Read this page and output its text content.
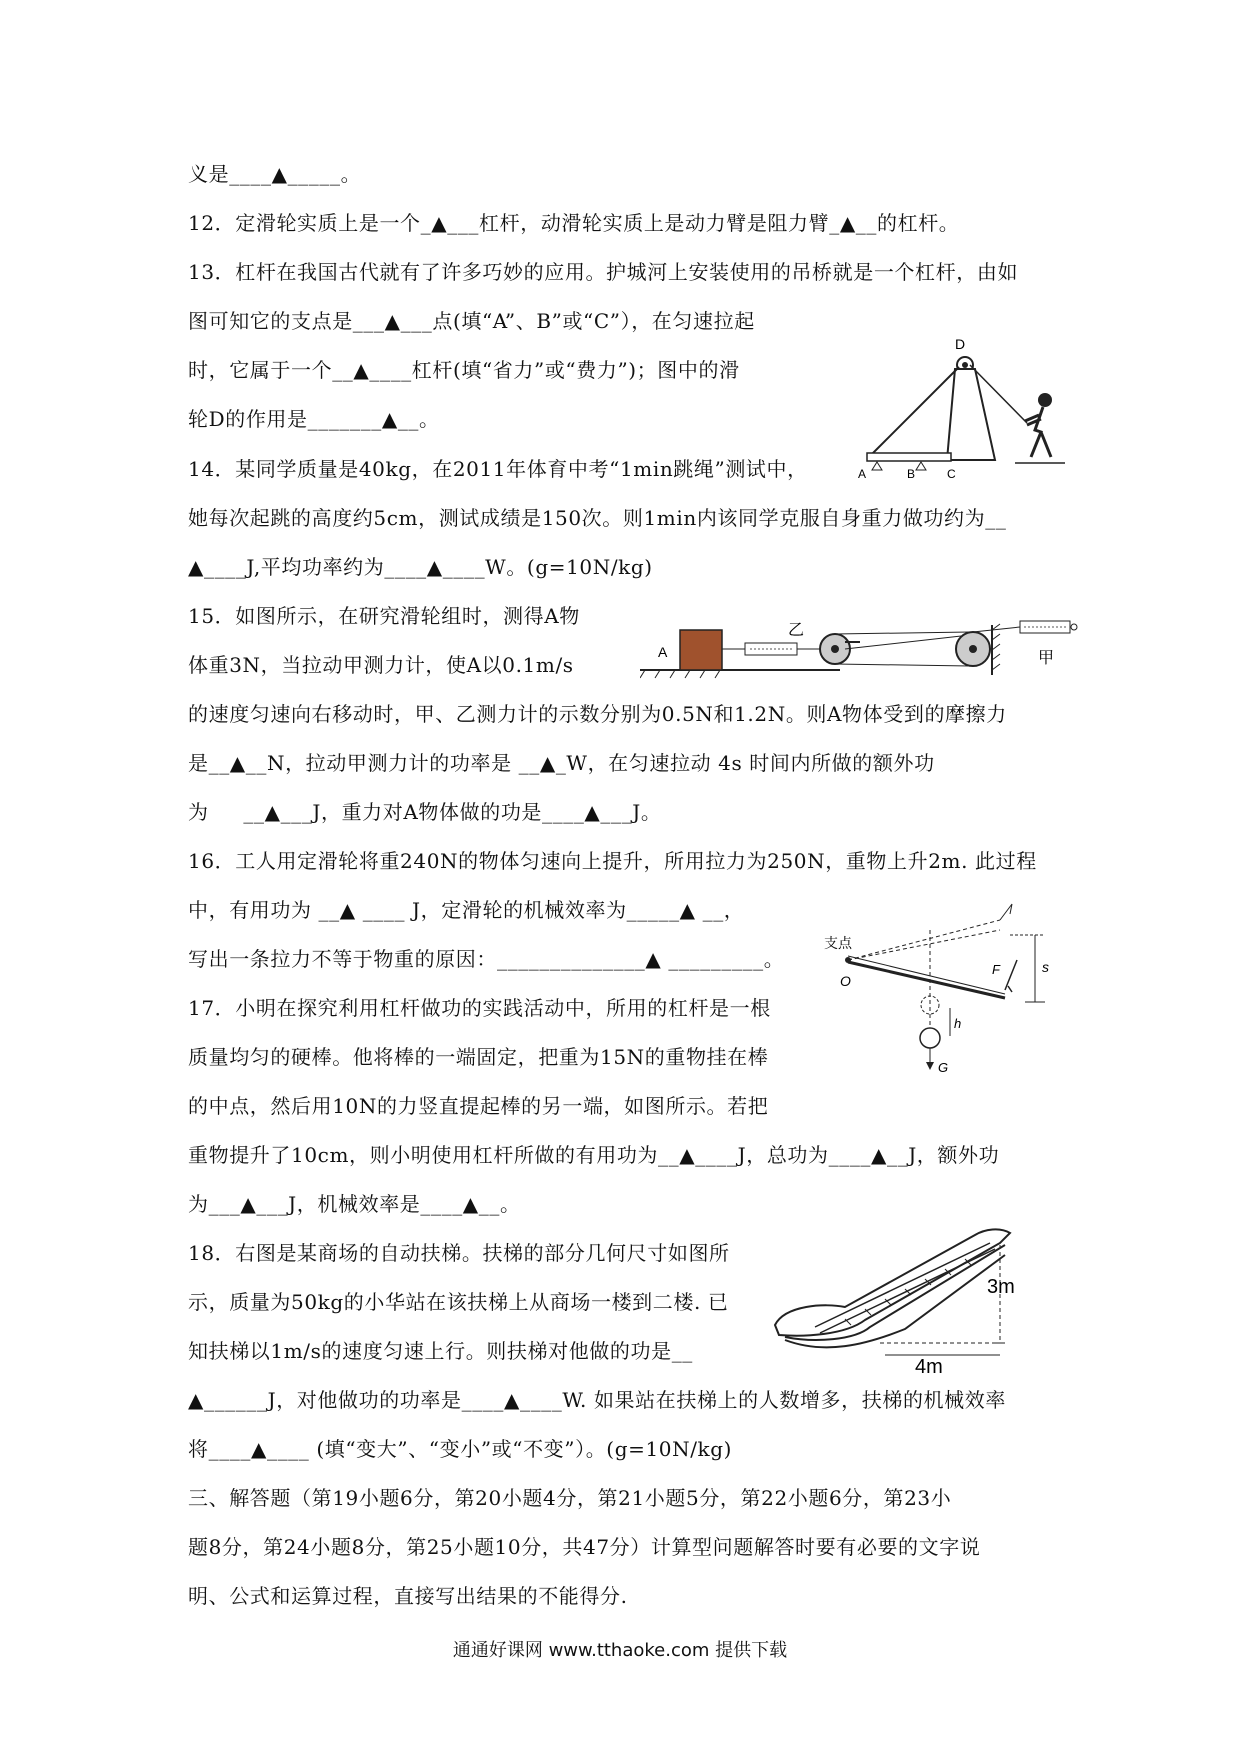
义是____▲_____。
12．定滑轮实质上是一个_▲___杠杆，动滑轮实质上是动力臂是阻力臂_▲__的杠杆。
13．杠杆在我国古代就有了许多巧妙的应用。护城河上安装使用的吊桥就是一个杠杆，由如
图可知它的支点是___▲___点(填“A”、B”或“C”），在匀速拉起
时，它属于一个__▲____杠杆(填“省力”或“费力”)；图中的滑
轮D的作用是_______▲__。
14．某同学质量是40kg，在2011年体育中考“1min跳绳”测试中，
她每次起跳的高度约5cm，测试成绩是150次。则1min内该同学克服自身重力做功约为__
▲____J,平均功率约为____▲____W。(g=10N/kg)
15．如图所示，在研究滑轮组时，测得A物
体重3N，当拉动甲测力计，使A以0.1m/s
的速度匀速向右移动时，甲、乙测力计的示数分别为0.5N和1.2N。则A物体受到的摩擦力
是__▲__N，拉动甲测力计的功率是 __▲_W，在匀速拉动 4s 时间内所做的额外功
为     __▲___J，重力对A物体做的功是____▲___J。
16．工人用定滑轮将重240N的物体匀速向上提升，所用拉力为250N，重物上升2m. 此过程
中，有用功为 __▲ ____ J，定滑轮的机械效率为_____▲ __，
写出一条拉力不等于物重的原因：______________▲ _________。
17．小明在探究利用杠杆做功的实践活动中，所用的杠杆是一根
质量均匀的硬棒。他将棒的一端固定，把重为15N的重物挂在棒
的中点，然后用10N的力竖直提起棒的另一端，如图所示。若把
重物提升了10cm，则小明使用杠杆所做的有用功为__▲____J，总功为____▲__J，额外功
为___▲___J，机械效率是____▲__。
18．右图是某商场的自动扶梯。扶梯的部分几何尺寸如图所
示，质量为50kg的小华站在该扶梯上从商场一楼到二楼. 已
知扶梯以1m/s的速度匀速上行。则扶梯对他做的功是__
▲______J，对他做功的功率是____▲____W. 如果站在扶梯上的人数增多，扶梯的机械效率
将____▲____ (填“变大”、“变小”或“不变”）。(g=10N/kg)
三、解答题（第19小题6分，第20小题4分，第21小题5分，第22小题6分，第23小
题8分，第24小题8分，第25小题10分，共47分）计算型问题解答时要有必要的文字说
明、公式和运算过程，直接写出结果的不能得分.
D
A	B	C
A
乙
甲
支点
O
F	s
G
h
3m
4m
通通好课网 www.tthaoke.com 提供下载
